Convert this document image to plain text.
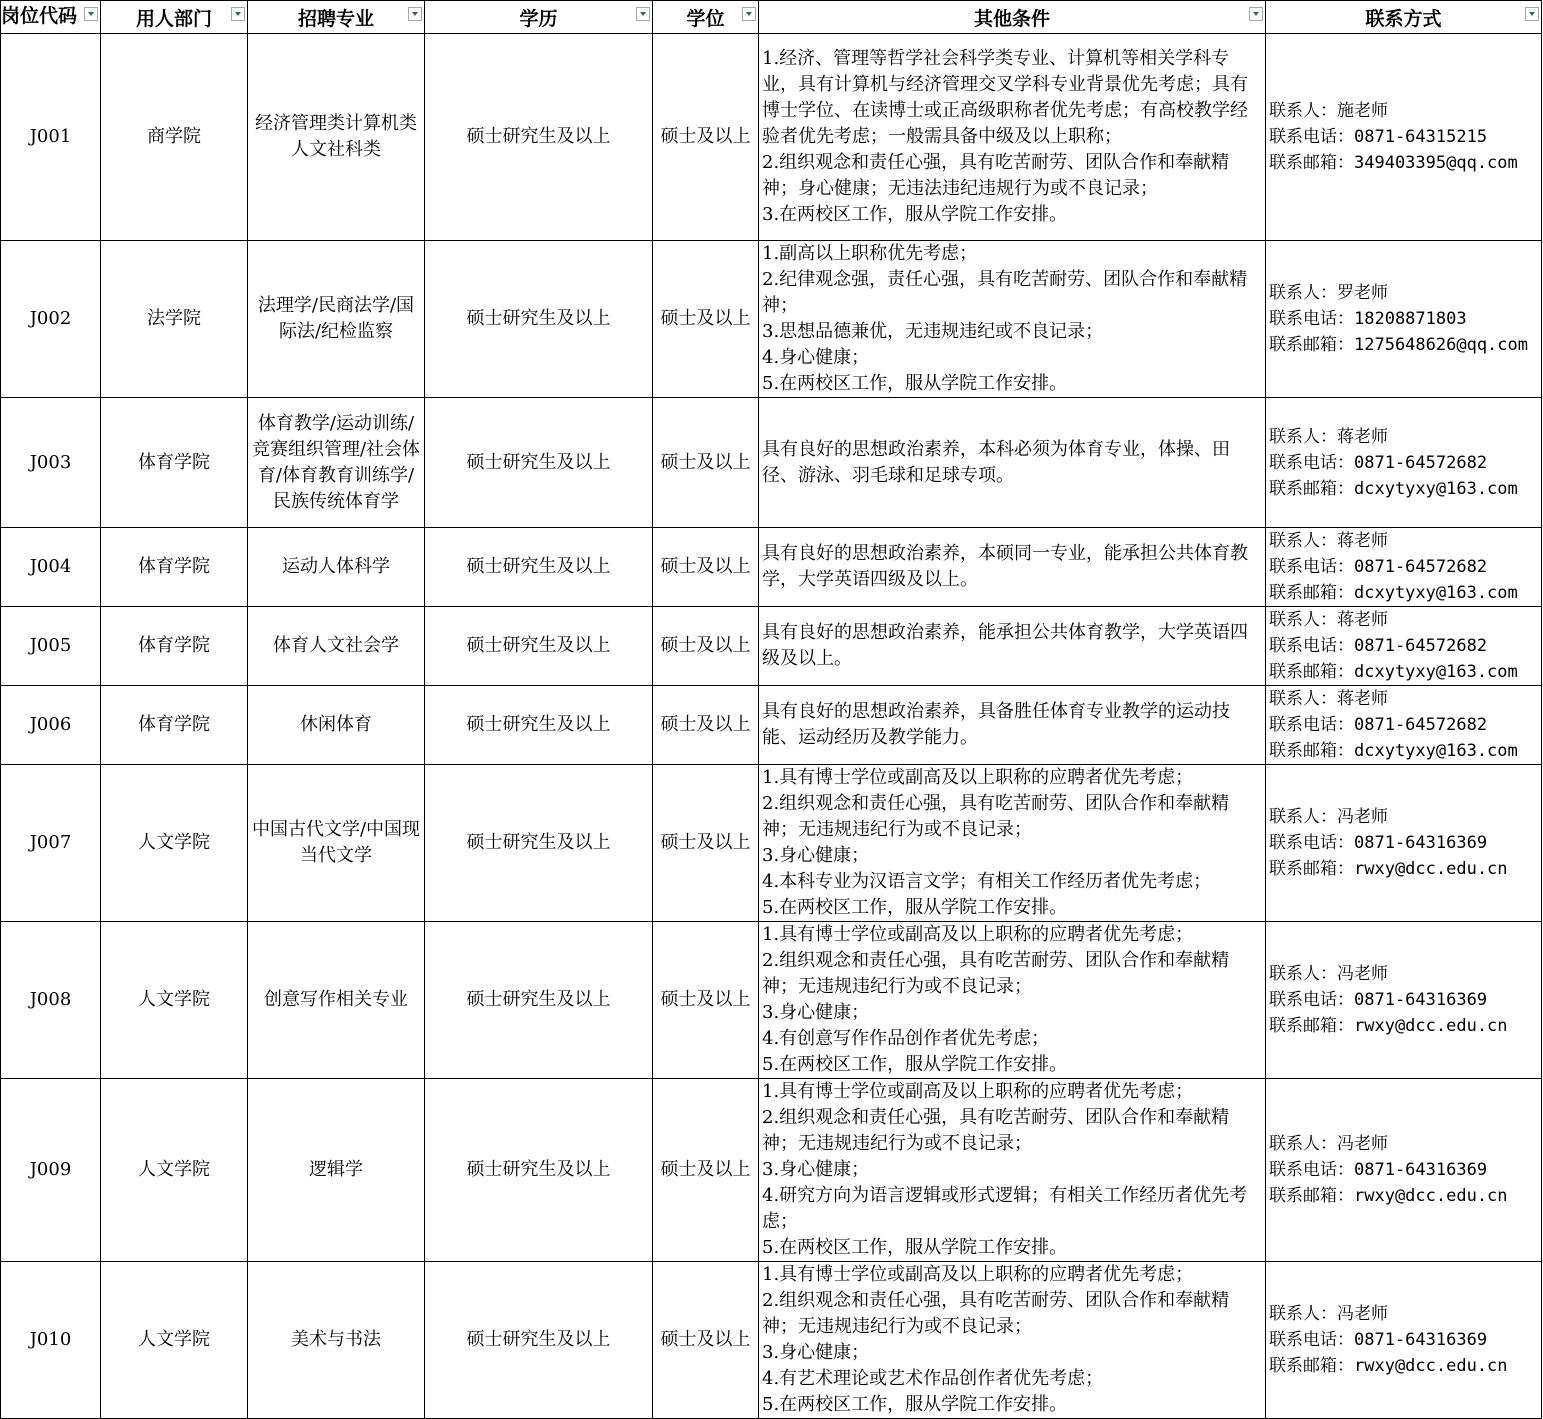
岗位代码	用人部门	招聘专业	学历	学位	其他条件	联系方式

J001	商学院	经济管理类计算机类人文社科类	硕士研究生及以上	硕士及以上	1.经济、管理等哲学社会科学类专业、计算机等相关学科专业，具有计算机与经济管理交叉学科专业背景优先考虑；具有博士学位、在读博士或正高级职称者优先考虑；有高校教学经验者优先考虑；一般需具备中级及以上职称；
2.组织观念和责任心强，具有吃苦耐劳、团队合作和奉献精神；身心健康；无违法违纪违规行为或不良记录；
3.在两校区工作，服从学院工作安排。	联系人：施老师
联系电话：0871-64315215
联系邮箱：349403395@qq.com

J002	法学院	法理学/民商法学/国际法/纪检监察	硕士研究生及以上	硕士及以上	1.副高以上职称优先考虑；
2.纪律观念强，责任心强，具有吃苦耐劳、团队合作和奉献精神；
3.思想品德兼优，无违规违纪或不良记录；
4.身心健康；
5.在两校区工作，服从学院工作安排。	联系人：罗老师
联系电话：18208871803
联系邮箱：1275648626@qq.com

J003	体育学院	体育教学/运动训练/竞赛组织管理/社会体育/体育教育训练学/民族传统体育学	硕士研究生及以上	硕士及以上	具有良好的思想政治素养，本科必须为体育专业，体操、田径、游泳、羽毛球和足球专项。	联系人：蒋老师
联系电话：0871-64572682
联系邮箱：dcxytyxy@163.com

J004	体育学院	运动人体科学	硕士研究生及以上	硕士及以上	具有良好的思想政治素养，本硕同一专业，能承担公共体育教学，大学英语四级及以上。	联系人：蒋老师
联系电话：0871-64572682
联系邮箱：dcxytyxy@163.com

J005	体育学院	体育人文社会学	硕士研究生及以上	硕士及以上	具有良好的思想政治素养，能承担公共体育教学，大学英语四级及以上。	联系人：蒋老师
联系电话：0871-64572682
联系邮箱：dcxytyxy@163.com

J006	体育学院	休闲体育	硕士研究生及以上	硕士及以上	具有良好的思想政治素养，具备胜任体育专业教学的运动技能、运动经历及教学能力。	联系人：蒋老师
联系电话：0871-64572682
联系邮箱：dcxytyxy@163.com

J007	人文学院	中国古代文学/中国现当代文学	硕士研究生及以上	硕士及以上	1.具有博士学位或副高及以上职称的应聘者优先考虑；
2.组织观念和责任心强，具有吃苦耐劳、团队合作和奉献精神；无违规违纪行为或不良记录；
3.身心健康；
4.本科专业为汉语言文学；有相关工作经历者优先考虑；
5.在两校区工作，服从学院工作安排。	联系人：冯老师
联系电话：0871-64316369
联系邮箱：rwxy@dcc.edu.cn

J008	人文学院	创意写作相关专业	硕士研究生及以上	硕士及以上	1.具有博士学位或副高及以上职称的应聘者优先考虑；
2.组织观念和责任心强，具有吃苦耐劳、团队合作和奉献精神；无违规违纪行为或不良记录；
3.身心健康；
4.有创意写作作品创作者优先考虑；
5.在两校区工作，服从学院工作安排。	联系人：冯老师
联系电话：0871-64316369
联系邮箱：rwxy@dcc.edu.cn

J009	人文学院	逻辑学	硕士研究生及以上	硕士及以上	1.具有博士学位或副高及以上职称的应聘者优先考虑；
2.组织观念和责任心强，具有吃苦耐劳、团队合作和奉献精神；无违规违纪行为或不良记录；
3.身心健康；
4.研究方向为语言逻辑或形式逻辑；有相关工作经历者优先考虑；
5.在两校区工作，服从学院工作安排。	联系人：冯老师
联系电话：0871-64316369
联系邮箱：rwxy@dcc.edu.cn

J010	人文学院	美术与书法	硕士研究生及以上	硕士及以上	1.具有博士学位或副高及以上职称的应聘者优先考虑；
2.组织观念和责任心强，具有吃苦耐劳、团队合作和奉献精神；无违规违纪行为或不良记录；
3.身心健康；
4.有艺术理论或艺术作品创作者优先考虑；
5.在两校区工作，服从学院工作安排。	联系人：冯老师
联系电话：0871-64316369
联系邮箱：rwxy@dcc.edu.cn
